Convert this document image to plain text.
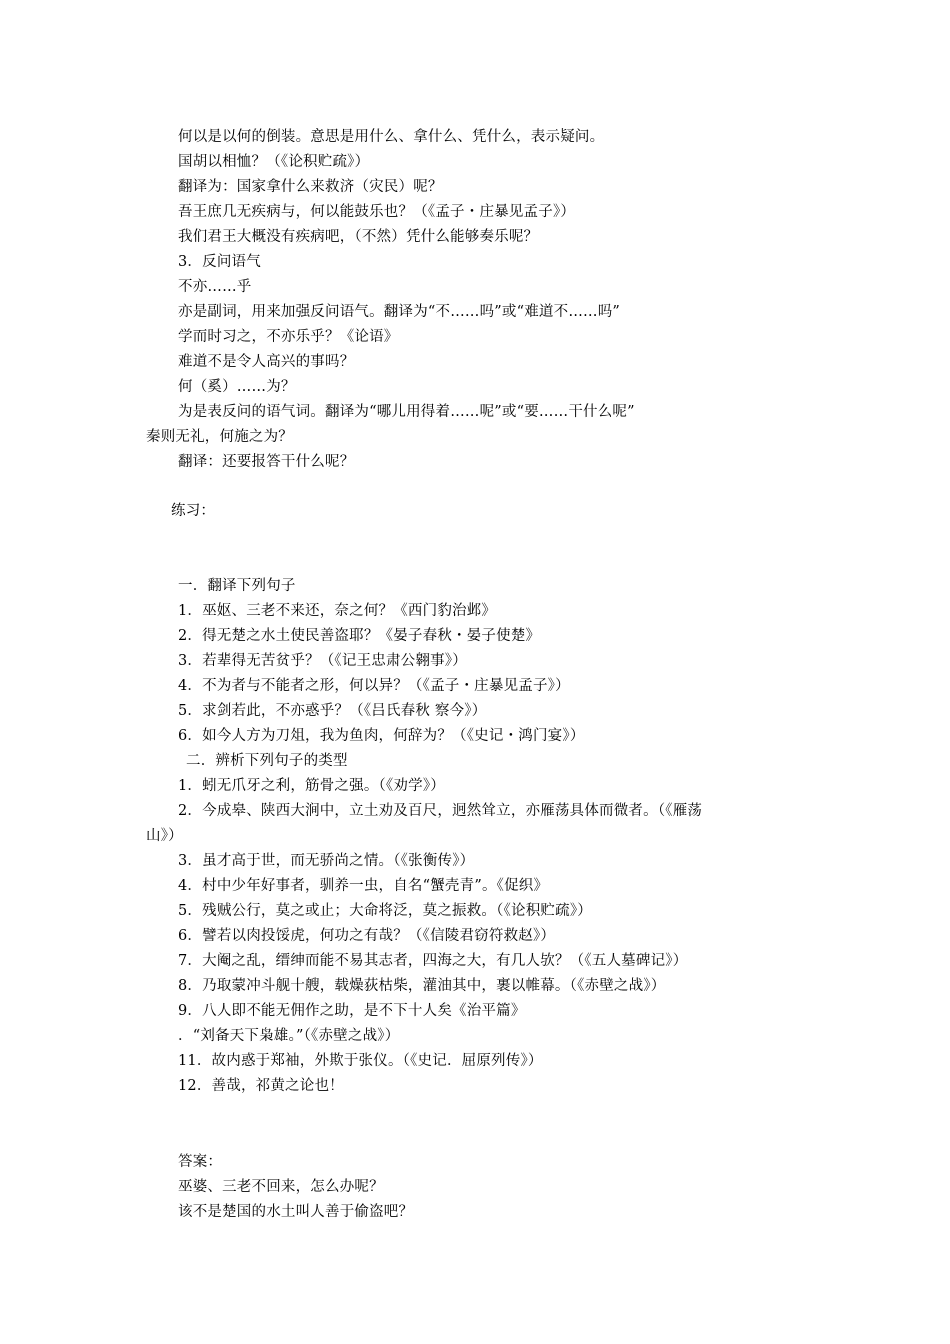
何以是以何的倒装。意思是用什么、拿什么、凭什么，表示疑问。
国胡以相恤？（《论积贮疏》）
翻译为：国家拿什么来救济（灾民）呢？
吾王庶几无疾病与，何以能鼓乐也？（《孟子・庄暴见孟子》）
我们君王大概没有疾病吧，（不然）凭什么能够奏乐呢？
3．反问语气
不亦……乎
亦是副词，用来加强反问语气。翻译为“不……吗”或“难道不……吗”
学而时习之，不亦乐乎？《论语》
难道不是令人高兴的事吗？
何（奚）……为？
为是表反问的语气词。翻译为“哪儿用得着……呢”或“要……干什么呢”
秦则无礼，何施之为？
翻译：还要报答干什么呢？
练习：
一．翻译下列句子
1．巫妪、三老不来还，奈之何？《西门豹治邺》
2．得无楚之水土使民善盗耶？《晏子春秋・晏子使楚》
3．若辈得无苦贫乎？（《记王忠肃公翱事》）
4．不为者与不能者之形，何以异？（《孟子・庄暴见孟子》）
5．求剑若此，不亦惑乎？（《吕氏春秋 察今》）
6．如今人方为刀俎，我为鱼肉，何辞为？（《史记・鸿门宴》）
二．辨析下列句子的类型
1．蚓无爪牙之利，筋骨之强。（《劝学》）
2．今成皋、陕西大涧中，立土劝及百尺，迥然耸立，亦雁荡具体而微者。（《雁荡
山》）
3．虽才高于世，而无骄尚之情。（《张衡传》）
4．村中少年好事者，驯养一虫，自名“蟹壳青”。《促织》
5．残贼公行，莫之或止；大命将泛，莫之振救。（《论积贮疏》）
6．譬若以肉投馁虎，何功之有哉？（《信陵君窃符救赵》）
7．大阉之乱，缙绅而能不易其志者，四海之大，有几人欤？（《五人墓碑记》）
8．乃取蒙冲斗舰十艘，载燥荻枯柴，灌油其中，裹以帷幕。（《赤壁之战》）
9．八人即不能无佣作之助，是不下十人矣《治平篇》
．“刘备天下枭雄。”（《赤壁之战》）
11．故内惑于郑袖，外欺于张仪。（《史记．屈原列传》）
12．善哉，祁黄之论也！
答案：
巫婆、三老不回来，怎么办呢？
该不是楚国的水土叫人善于偷盗吧？
